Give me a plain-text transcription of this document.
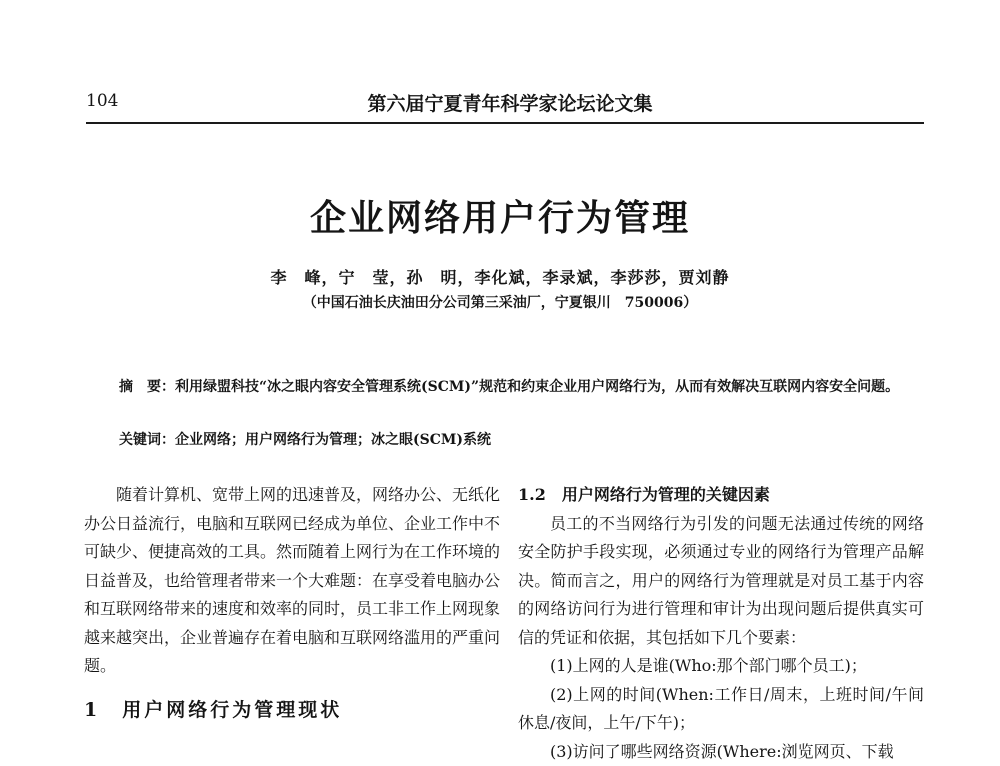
104	第六届宁夏青年科学家论坛论文集
企业网络用户行为管理
李　峰，宁　莹，孙　明，李化斌，李录斌，李莎莎，贾刘静
（中国石油长庆油田分公司第三采油厂，宁夏银川　750006）
摘　要：利用绿盟科技“冰之眼内容安全管理系统(SCM)”规范和约束企业用户网络行为，从而有效解决互联网内容安全问题。
关键词：企业网络；用户网络行为管理；冰之眼(SCM)系统

随着计算机、宽带上网的迅速普及，网络办公、无纸化办公日益流行，电脑和互联网已经成为单位、企业工作中不可缺少、便捷高效的工具。然而随着上网行为在工作环境的日益普及，也给管理者带来一个大难题：在享受着电脑办公和互联网络带来的速度和效率的同时，员工非工作上网现象越来越突出，企业普遍存在着电脑和互联网络滥用的严重问题。

1　用户网络行为管理现状

1.2　用户网络行为管理的关键因素

员工的不当网络行为引发的问题无法通过传统的网络安全防护手段实现，必须通过专业的网络行为管理产品解决。简而言之，用户的网络行为管理就是对员工基于内容的网络访问行为进行管理和审计为出现问题后提供真实可信的凭证和依据，其包括如下几个要素：

(1)上网的人是谁(Who:那个部门哪个员工)；

(2)上网的时间(When:工作日/周末，上班时间/午间休息/夜间，上午/下午)；

(3)访问了哪些网络资源(Where:浏览网页、下载
